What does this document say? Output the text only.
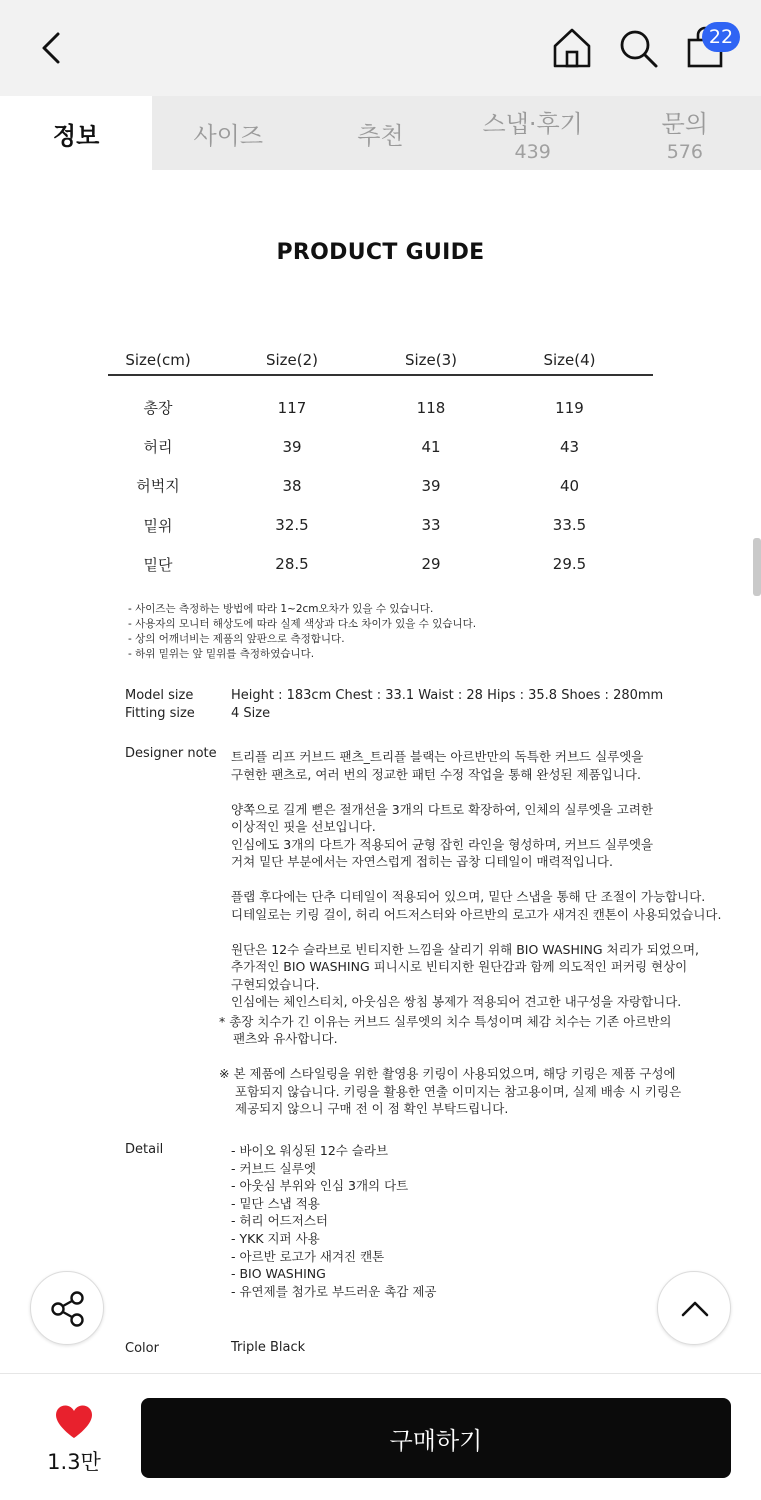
22
정보	사이즈	추천	스냅·후기
439
문의
576
PRODUCT GUIDE
Size(cm)	Size(2)	Size(3)	Size(4)
총장	117	118	119
허리	39	41	43
허벅지	38	39	40
밑위	32.5	33	33.5
밑단	28.5	29	29.5
- 사이즈는 측정하는 방법에 따라 1~2cm오차가 있을 수 있습니다.
- 사용자의 모니터 해상도에 따라 실제 색상과 다소 차이가 있을 수 있습니다.
- 상의 어깨너비는 제품의 앞판으로 측정합니다.
- 하위 밑위는 앞 밑위를 측정하였습니다.
Model size	Height : 183cm Chest : 33.1 Waist : 28 Hips : 35.8 Shoes : 280mm
Fitting size	4 Size
Designer note 트리플 리프 커브드 팬츠_트리플 블랙는 아르반만의 독특한 커브드 실루엣을
구현한 팬츠로, 여러 번의 정교한 패턴 수정 작업을 통해 완성된 제품입니다.

양쪽으로 길게 뻗은 절개선을 3개의 다트로 확장하여, 인체의 실루엣을 고려한
이상적인 핏을 선보입니다.
인심에도 3개의 다트가 적용되어 균형 잡힌 라인을 형성하며, 커브드 실루엣을
거쳐 밑단 부분에서는 자연스럽게 접히는 곱창 디테일이 매력적입니다.

플랩 후다에는 단추 디테일이 적용되어 있으며, 밑단 스냅을 통해 단 조절이 가능합니다.
디테일로는 키링 걸이, 허리 어드저스터와 아르반의 로고가 새겨진 캔톤이 사용되었습니다.

원단은 12수 슬라브로 빈티지한 느낌을 살리기 위해 BIO WASHING 처리가 되었으며,
추가적인 BIO WASHING 피니시로 빈티지한 원단감과 함께 의도적인 퍼커링 현상이
구현되었습니다.
인심에는 체인스티치, 아웃심은 쌍침 봉제가 적용되어 견고한 내구성을 자랑합니다.

* 총장 치수가 긴 이유는 커브드 실루엣의 치수 특성이며 체감 치수는 기존 아르반의
팬츠와 유사합니다.

※ 본 제품에 스타일링을 위한 촬영용 키링이 사용되었으며, 해당 키링은 제품 구성에
포함되지 않습니다. 키링을 활용한 연출 이미지는 참고용이며, 실제 배송 시 키링은
제공되지 않으니 구매 전 이 점 확인 부탁드립니다.

Detail	- 바이오 워싱된 12수 슬라브
- 커브드 실루엣
- 아웃심 부위와 인심 3개의 다트
- 밑단 스냅 적용
- 허리 어드저스터
- YKK 지퍼 사용
- 아르반 로고가 새겨진 캔톤
- BIO WASHING
- 유연제를 첨가로 부드러운 촉감 제공
Color	Triple Black
1.3만
구매하기
